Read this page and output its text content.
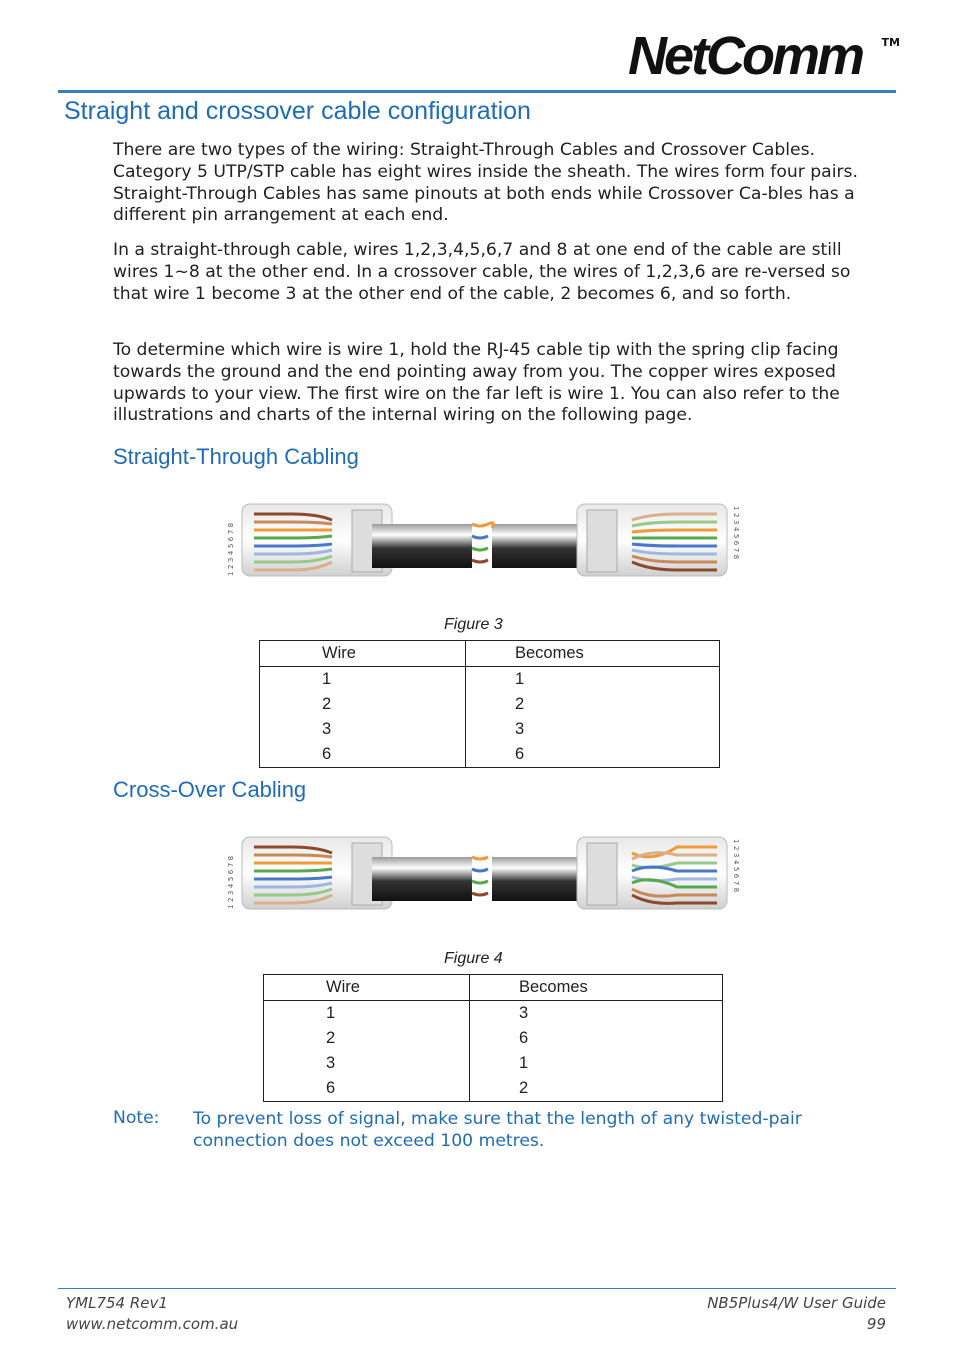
NetComm TM
Straight and crossover cable configuration

There are two types of the wiring: Straight-Through Cables and Crossover Cables. Category 5 UTP/STP cable has eight wires inside the sheath. The wires form four pairs. Straight-Through Cables has same pinouts at both ends while Crossover Ca-bles has a different pin arrangement at each end.

In a straight-through cable, wires 1,2,3,4,5,6,7 and 8 at one end of the cable are still wires 1~8 at the other end. In a crossover cable, the wires of 1,2,3,6 are re-versed so that wire 1 become 3 at the other end of the cable, 2 becomes 6, and so forth.

To determine which wire is wire 1, hold the RJ-45 cable tip with the spring clip facing towards the ground and the end pointing away from you. The copper wires exposed upwards to your view. The first wire on the far left is wire 1. You can also refer to the illustrations and charts of the internal wiring on the following page.

Straight-Through Cabling
12345678	12345678
Figure 3
Wire	Becomes
1	1
2	2
3	3
6	6
Cross-Over Cabling
12345678	12345678
Figure 4
Wire	Becomes
1	3
2	6
3	1
6	2
Note: To prevent loss of signal, make sure that the length of any twisted-pair connection does not exceed 100 metres.

YML754 Rev1
www.netcomm.com.au
NB5Plus4/W User Guide
99
